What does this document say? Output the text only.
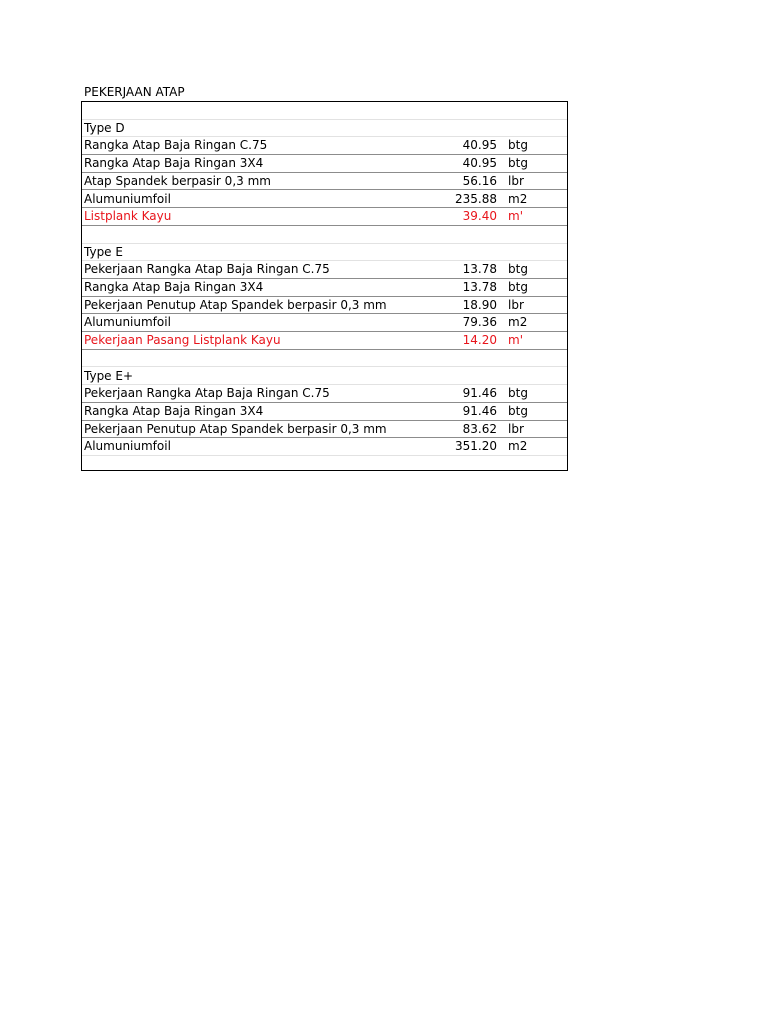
PEKERJAAN ATAP
Type D
Rangka Atap Baja Ringan C.75	40.95 btg
Rangka Atap Baja Ringan 3X4	40.95 btg
Atap Spandek berpasir 0,3 mm	56.16 lbr
Alumuniumfoil	235.88 m2
Listplank Kayu	39.40 m'
Type E
Pekerjaan Rangka Atap Baja Ringan C.75	13.78 btg
Rangka Atap Baja Ringan 3X4	13.78 btg
Pekerjaan Penutup Atap Spandek berpasir 0,3 mm	18.90 lbr
Alumuniumfoil	79.36 m2
Pekerjaan Pasang Listplank Kayu	14.20 m'
Type E+
Pekerjaan Rangka Atap Baja Ringan C.75	91.46 btg
Rangka Atap Baja Ringan 3X4	91.46 btg
Pekerjaan Penutup Atap Spandek berpasir 0,3 mm	83.62 lbr
Alumuniumfoil	351.20 m2
